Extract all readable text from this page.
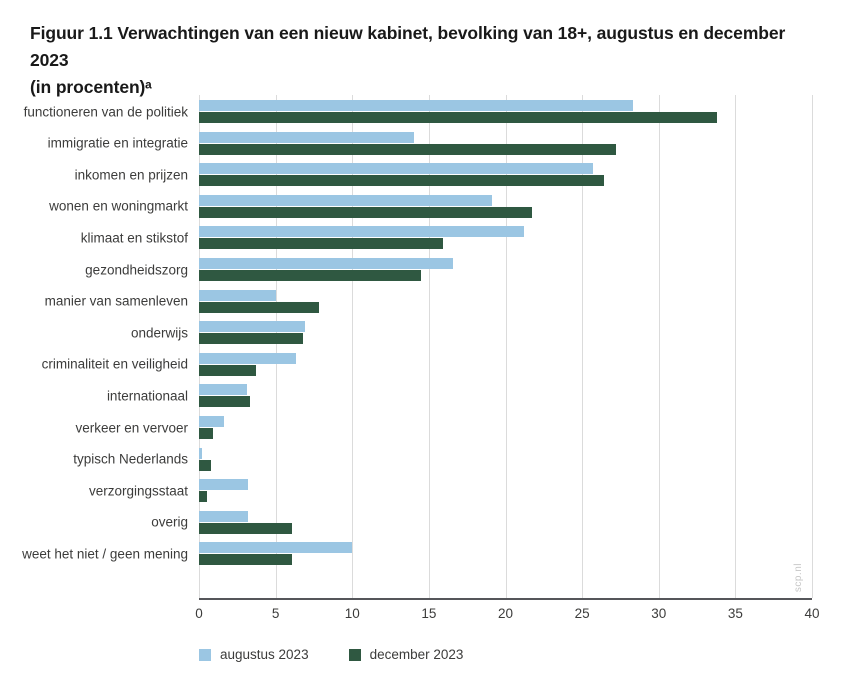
Figuur 1.1 Verwachtingen van een nieuw kabinet, bevolking van 18+, augustus en december 2023
(in procenten)ᵃ
scp.nl
functioneren van de politiek
immigratie en integratie
inkomen en prijzen
wonen en woningmarkt
klimaat en stikstof
gezondheidszorg
manier van samenleven
onderwijs
criminaliteit en veiligheid
internationaal
verkeer en vervoer
typisch Nederlands
verzorgingsstaat
overig
weet het niet / geen mening
0	5	10	15	20	25	30	35	40
augustus 2023	december 2023
